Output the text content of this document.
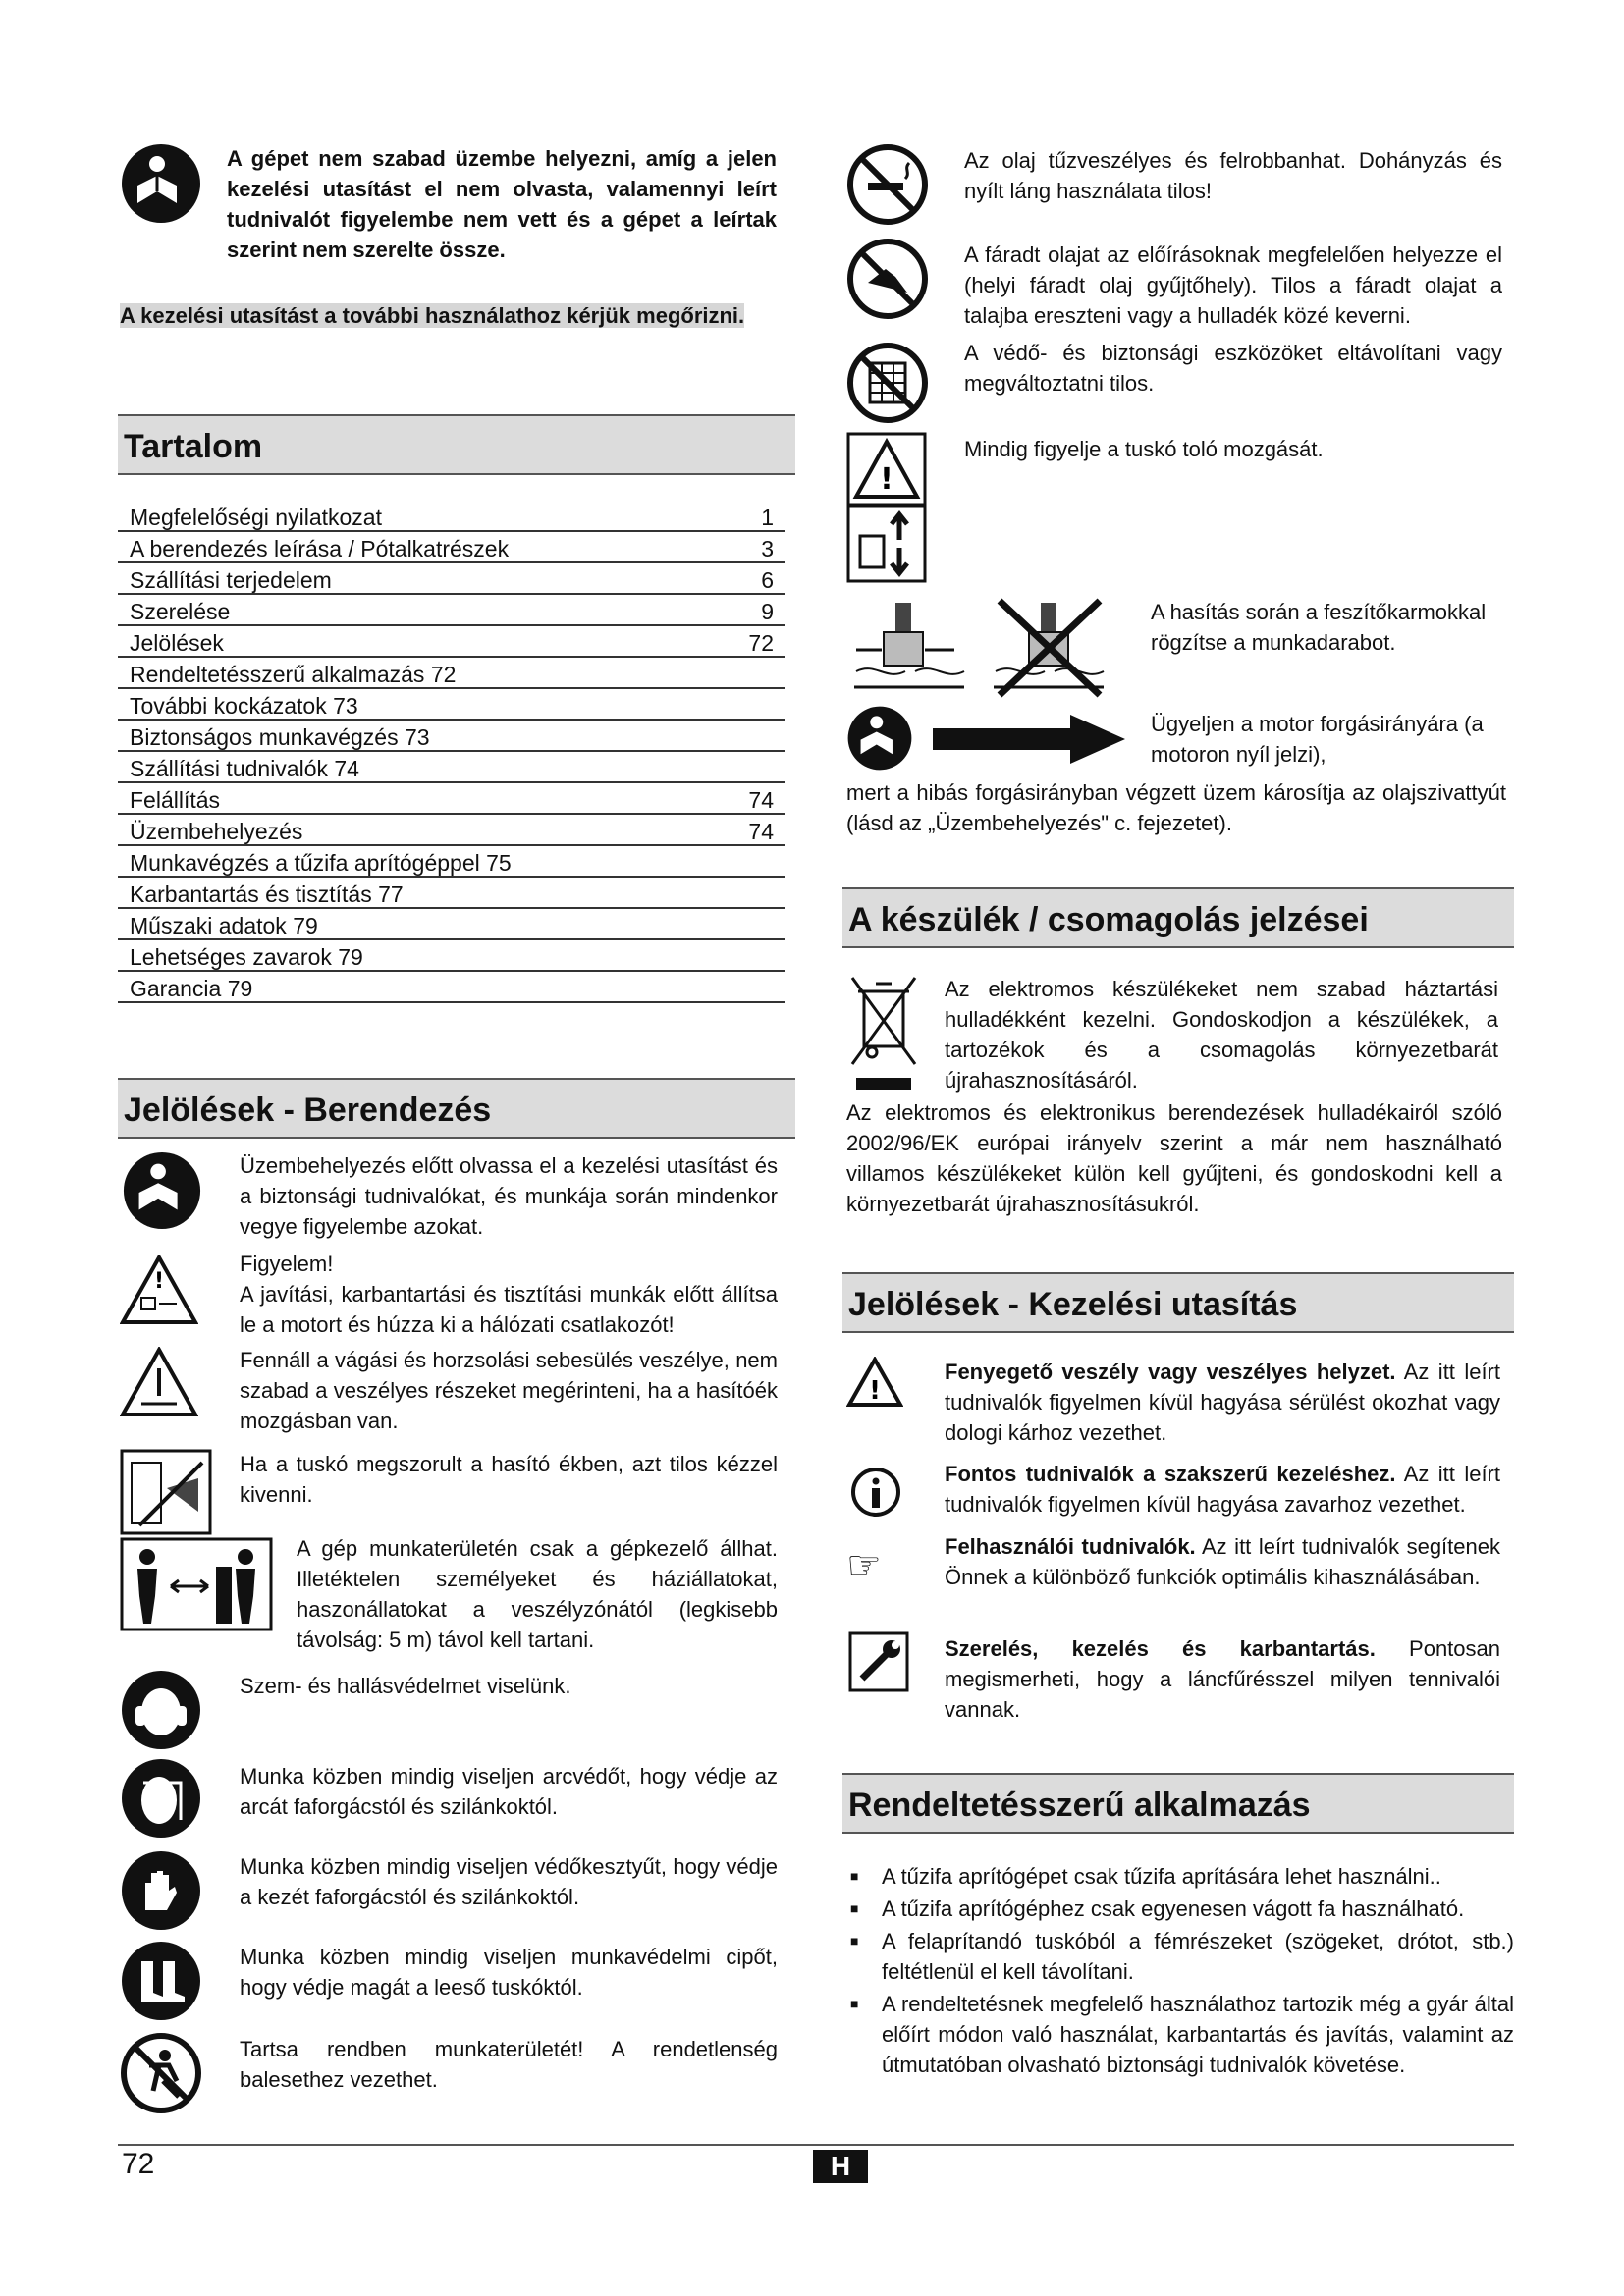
A gépet nem szabad üzembe helyezni, amíg a jelen kezelési utasítást el nem olvasta, valamennyi leírt tudnivalót figyelembe nem vett és a gépet a leírtak szerint nem szerelte össze.

A kezelési utasítást a további használathoz kérjük megőrizni.

Tartalom
Megfelelőségi nyilatkozat	1
A berendezés leírása / Pótalkatrészek	3
Szállítási terjedelem	6
Szerelése	9
Jelölések	72
Rendeltetésszerű alkalmazás 72
További kockázatok 73
Biztonságos munkavégzés 73
Szállítási tudnivalók 74
Felállítás	74
Üzembehelyezés	74
Munkavégzés a tűzifa aprítógéppel 75
Karbantartás és tisztítás 77
Műszaki adatok 79
Lehetséges zavarok 79
Garancia 79
Jelölések - Berendezés

Üzembehelyezés előtt olvassa el a kezelési utasítást és a biztonsági tudnivalókat, és munkája során mindenkor vegye figyelembe azokat.

!

Figyelem!

A javítási, karbantartási és tisztítási munkák előtt állítsa le a motort és húzza ki a hálózati csatlakozót!

Fennáll a vágási és horzsolási sebesülés veszélye, nem szabad a veszélyes részeket megérinteni, ha a hasítóék mozgásban van.

Ha a tuskó megszorult a hasító ékben, azt tilos kézzel kivenni.

A gép munkaterületén csak a gépkezelő állhat. Illetéktelen személyeket és háziállatokat, haszonállatokat a veszélyzónától (legkisebb távolság: 5 m) távol kell tartani.

Szem- és hallásvédelmet viselünk.

Munka közben mindig viseljen arcvédőt, hogy védje az arcát faforgácstól és szilánkoktól.

Munka közben mindig viseljen védőkesztyűt, hogy védje a kezét faforgácstól és szilánkoktól.

Munka közben mindig viseljen munkavédelmi cipőt, hogy védje magát a leeső tuskóktól.

Tartsa rendben munkaterületét! A rendetlenség balesethez vezethet.

Az olaj tűzveszélyes és felrobbanhat. Dohányzás és nyílt láng használata tilos!

A fáradt olajat az előírásoknak megfelelően helyezze el (helyi fáradt olaj gyűjtőhely). Tilos a fáradt olajat a talajba ereszteni vagy a hulladék közé keverni.

A védő- és biztonsági eszközöket eltávolítani vagy megváltoztatni tilos.

!

Mindig figyelje a tuskó toló mozgását.

A hasítás során a feszítőkarmokkal rögzítse a munkadarabot.

Ügyeljen a motor forgásirányára (a motoron nyíl jelzi),

mert a hibás forgásirányban végzett üzem károsítja az olajszivattyút (lásd az „Üzembehelyezés" c. fejezetet).

A készülék / csomagolás jelzései

Az elektromos készülékeket nem szabad háztartási hulladékként kezelni. Gondoskodjon a készülékek, a tartozékok és a csomagolás környezetbarát újrahasznosításáról.

Az elektromos és elektronikus berendezések hulladékairól szóló 2002/96/EK európai irányelv szerint a már nem használható villamos készülékeket külön kell gyűjteni, és gondoskodni kell a környezetbarát újrahasznosításukról.

Jelölések - Kezelési utasítás
!

Fenyegető veszély vagy veszélyes helyzet. Az itt leírt tudnivalók figyelmen kívül hagyása sérülést okozhat vagy dologi kárhoz vezethet.

Fontos tudnivalók a szakszerű kezeléshez. Az itt leírt tudnivalók figyelmen kívül hagyása zavarhoz vezethet.

☞	Felhasználói tudnivalók. Az itt leírt tudnivalók segítenek Önnek a különböző funkciók optimális kihasználásában.

Szerelés, kezelés és karbantartás. Pontosan megismerheti, hogy a láncfűrésszel milyen tennivalói vannak.

Rendeltetésszerű alkalmazás
■ A tűzifa aprítógépet csak tűzifa aprítására lehet használni..
■ A tűzifa aprítógéphez csak egyenesen vágott fa használható.
■ A felaprítandó tuskóból a fémrészeket (szögeket, drótot, stb.) feltétlenül el kell távolítani.
■ A rendeltetésnek megfelelő használathoz tartozik még a gyár által előírt módon való használat, karbantartás és javítás, valamint az útmutatóban olvasható biztonsági tudnivalók követése.
72	H
